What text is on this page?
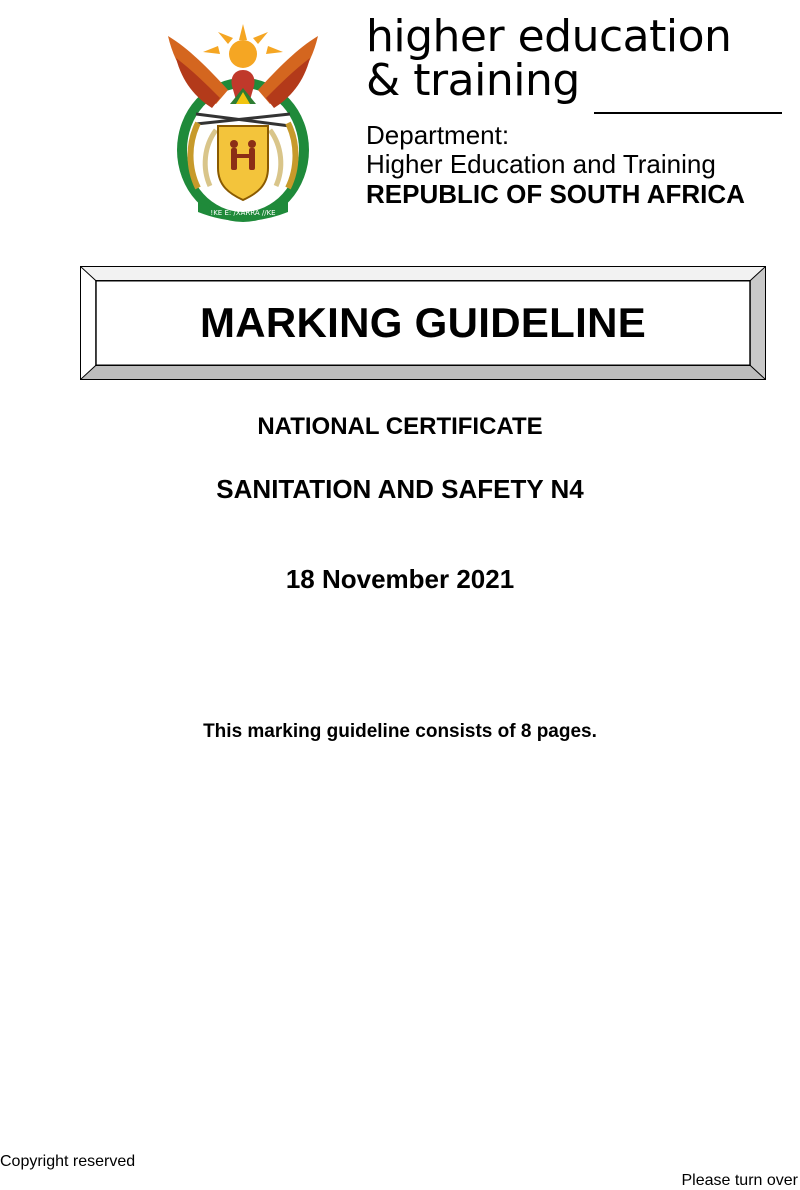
!KE E: /XARRA //KE
higher education
& training
Department:
Higher Education and Training
REPUBLIC OF SOUTH AFRICA
MARKING GUIDELINE
NATIONAL CERTIFICATE
SANITATION AND SAFETY N4
18 November 2021
This marking guideline consists of 8 pages.
Copyright reserved
Please turn over
